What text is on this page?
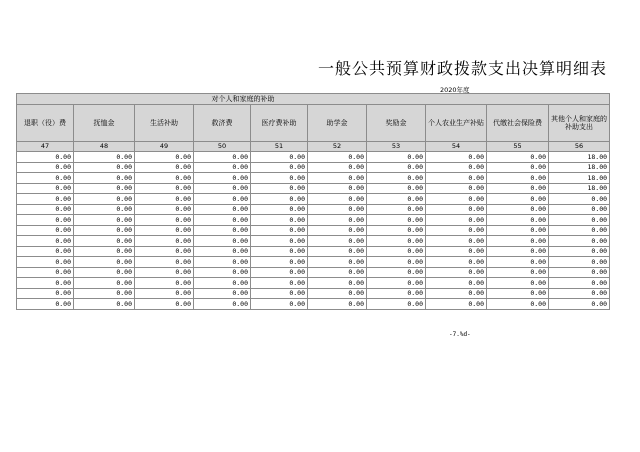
一般公共预算财政拨款支出决算明细表
2020年度
对个人和家庭的补助									
退职（役）费	抚恤金	生活补助	救济费	医疗费补助	助学金	奖励金	个人农业生产补贴	代缴社会保险费	其他个人和家庭的补助支出
47	48	49	50	51	52	53	54	55	56
0.00	0.00	0.00	0.00	0.00	0.00	0.00	0.00	0.00	18.00
0.00	0.00	0.00	0.00	0.00	0.00	0.00	0.00	0.00	18.00
0.00	0.00	0.00	0.00	0.00	0.00	0.00	0.00	0.00	18.00
0.00	0.00	0.00	0.00	0.00	0.00	0.00	0.00	0.00	18.00
0.00	0.00	0.00	0.00	0.00	0.00	0.00	0.00	0.00	0.00
0.00	0.00	0.00	0.00	0.00	0.00	0.00	0.00	0.00	0.00
0.00	0.00	0.00	0.00	0.00	0.00	0.00	0.00	0.00	0.00
0.00	0.00	0.00	0.00	0.00	0.00	0.00	0.00	0.00	0.00
0.00	0.00	0.00	0.00	0.00	0.00	0.00	0.00	0.00	0.00
0.00	0.00	0.00	0.00	0.00	0.00	0.00	0.00	0.00	0.00
0.00	0.00	0.00	0.00	0.00	0.00	0.00	0.00	0.00	0.00
0.00	0.00	0.00	0.00	0.00	0.00	0.00	0.00	0.00	0.00
0.00	0.00	0.00	0.00	0.00	0.00	0.00	0.00	0.00	0.00
0.00	0.00	0.00	0.00	0.00	0.00	0.00	0.00	0.00	0.00
0.00	0.00	0.00	0.00	0.00	0.00	0.00	0.00	0.00	0.00
-7.%d-
